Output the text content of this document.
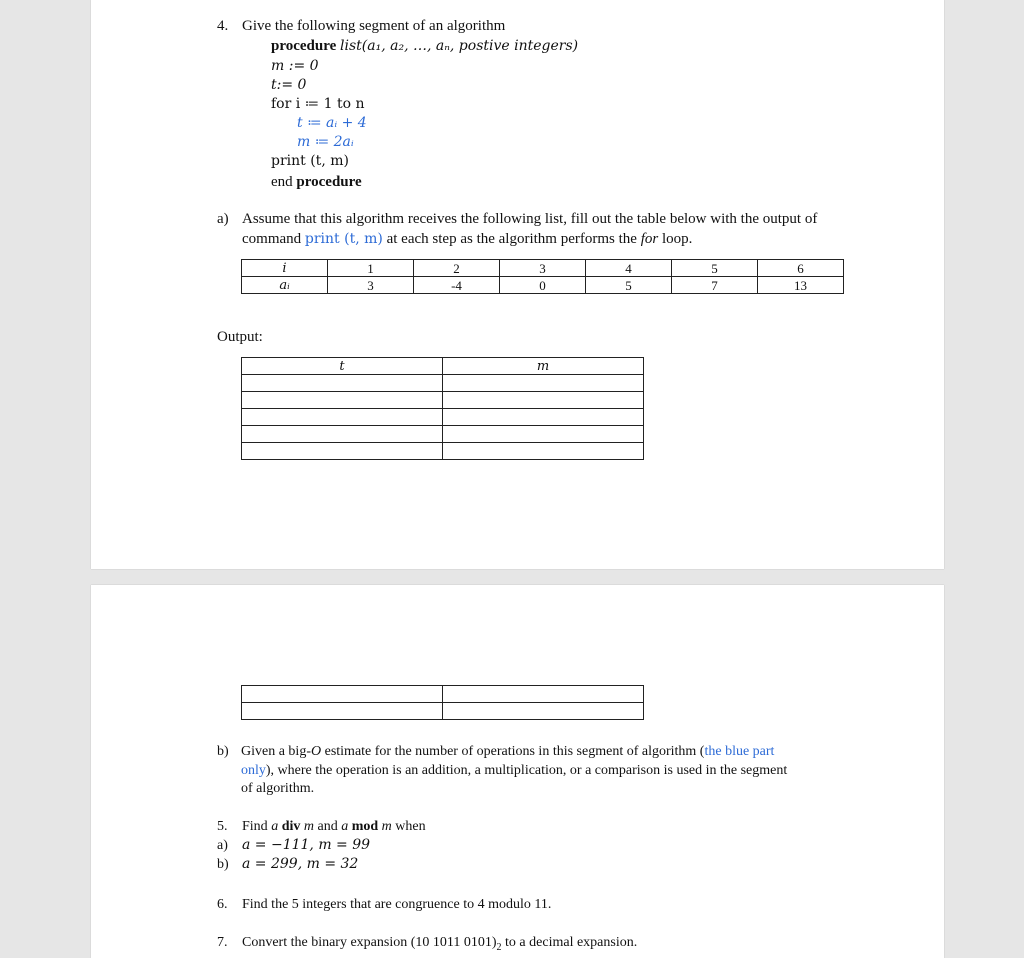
4. Give the following segment of an algorithm
procedure list(a₁, a₂, …, aₙ, postive integers)
m := 0
t:= 0
for i ≔ 1 to n
t ≔ aᵢ + 4
m ≔ 2aᵢ
print (t, m)
end procedure
a) Assume that this algorithm receives the following list, fill out the table below with the output of
command print (t, m) at each step as the algorithm performs the for loop.
i	1	2	3	4	5	6
aᵢ	3	-4	0	5	7	13
Output:
t	m

b) Given a big-O estimate for the number of operations in this segment of algorithm (the blue part
only), where the operation is an addition, a multiplication, or a comparison is used in the segment
of algorithm.
5. Find a div m and a mod m when
a) a = −111, m = 99
b) a = 299, m = 32
6. Find the 5 integers that are congruence to 4 modulo 11.
7. Convert the binary expansion (10 1011 $0101)_2$ to a decimal expansion.
